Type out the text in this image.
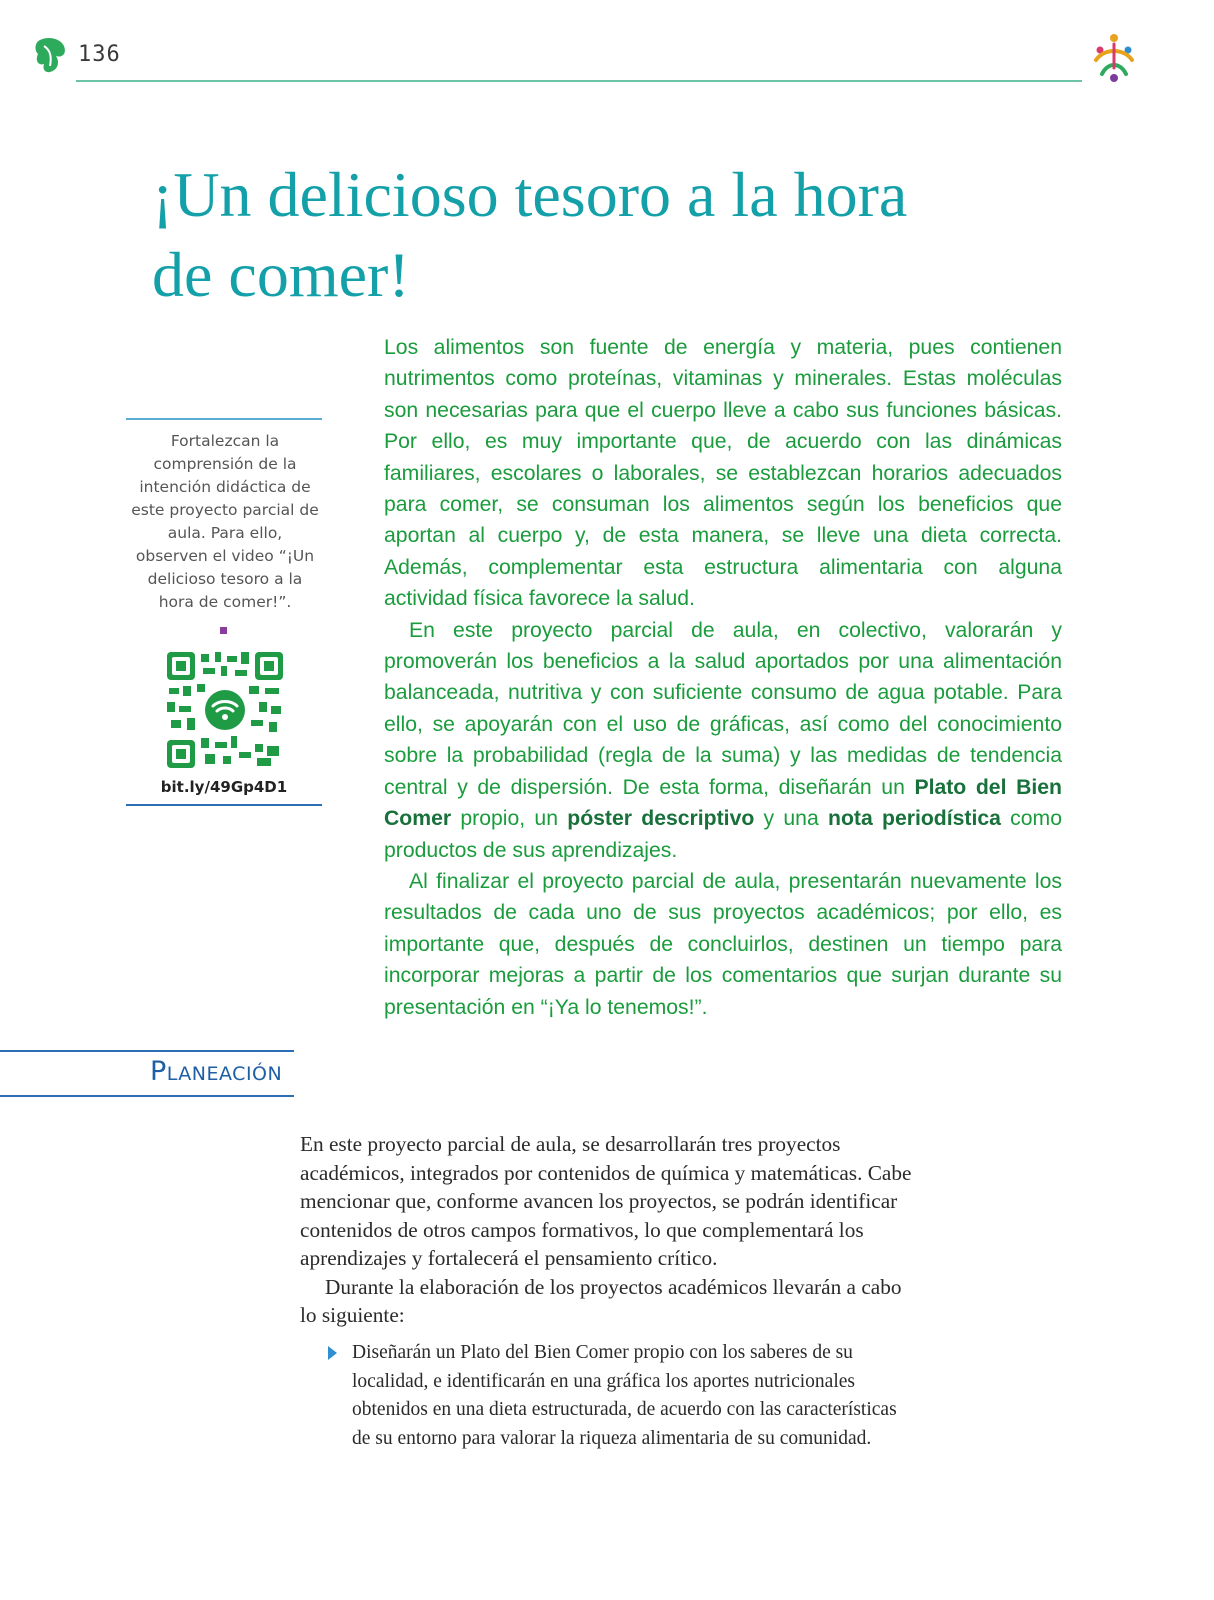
136
¡Un delicioso tesoro a la hora
de comer!
Fortalezcan la comprensión de la intención didáctica de este proyecto parcial de aula. Para ello, observen el video “¡Un delicioso tesoro a la hora de comer!”.
bit.ly/49Gp4D1

Los alimentos son fuente de energía y materia, pues contienen nutrimentos como proteínas, vitaminas y minerales. Estas moléculas son necesarias para que el cuerpo lleve a cabo sus funciones básicas. Por ello, es muy importante que, de acuerdo con las dinámicas familiares, escolares o laborales, se establezcan horarios adecuados para comer, se consuman los alimentos según los beneficios que aportan al cuerpo y, de esta manera, se lleve una dieta correcta. Además, complementar esta estructura alimentaria con alguna actividad física favorece la salud.

En este proyecto parcial de aula, en colectivo, valorarán y promoverán los beneficios a la salud aportados por una alimentación balanceada, nutritiva y con suficiente consumo de agua potable. Para ello, se apoyarán con el uso de gráficas, así como del conocimiento sobre la probabilidad (regla de la suma) y las medidas de tendencia central y de dispersión. De esta forma, diseñarán un Plato del Bien Comer propio, un póster descriptivo y una nota periodística como productos de sus aprendizajes.

Al finalizar el proyecto parcial de aula, presentarán nuevamente los resultados de cada uno de sus proyectos académicos; por ello, es importante que, después de concluirlos, destinen un tiempo para incorporar mejoras a partir de los comentarios que surjan durante su presentación en “¡Ya lo tenemos!”.

Planeación

En este proyecto parcial de aula, se desarrollarán tres proyectos académicos, integrados por contenidos de química y matemáticas. Cabe mencionar que, conforme avancen los proyectos, se podrán identificar contenidos de otros campos formativos, lo que complementará los aprendizajes y fortalecerá el pensamiento crítico.

Durante la elaboración de los proyectos académicos llevarán a cabo lo siguiente:

Diseñarán un Plato del Bien Comer propio con los saberes de su localidad, e identificarán en una gráfica los aportes nutricionales obtenidos en una dieta estructurada, de acuerdo con las características de su entorno para valorar la riqueza alimentaria de su comunidad.
